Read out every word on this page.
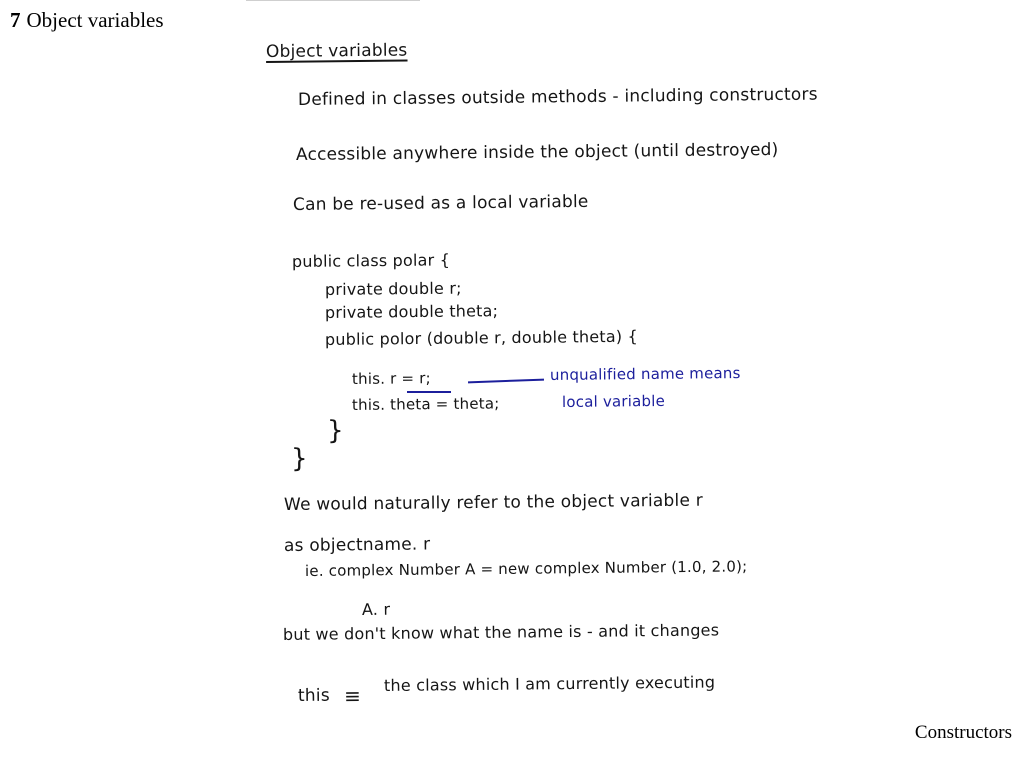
7 Object variables
Object variables
Defined in classes outside methods - including constructors
Accessible anywhere inside the object (until destroyed)
Can be re-used as a local variable
public class polar {
private double r;
private double theta;
public polor (double r, double theta) {
this. r = r;
this. theta = theta;
}
}
unqualified name means
local variable
We would naturally refer to the object variable r
as objectname. r
ie. complex Number A = new complex Number (1.0, 2.0);
A. r
but we don't know what the name is - and it changes
this ≡
the class which I am currently executing
Constructors
